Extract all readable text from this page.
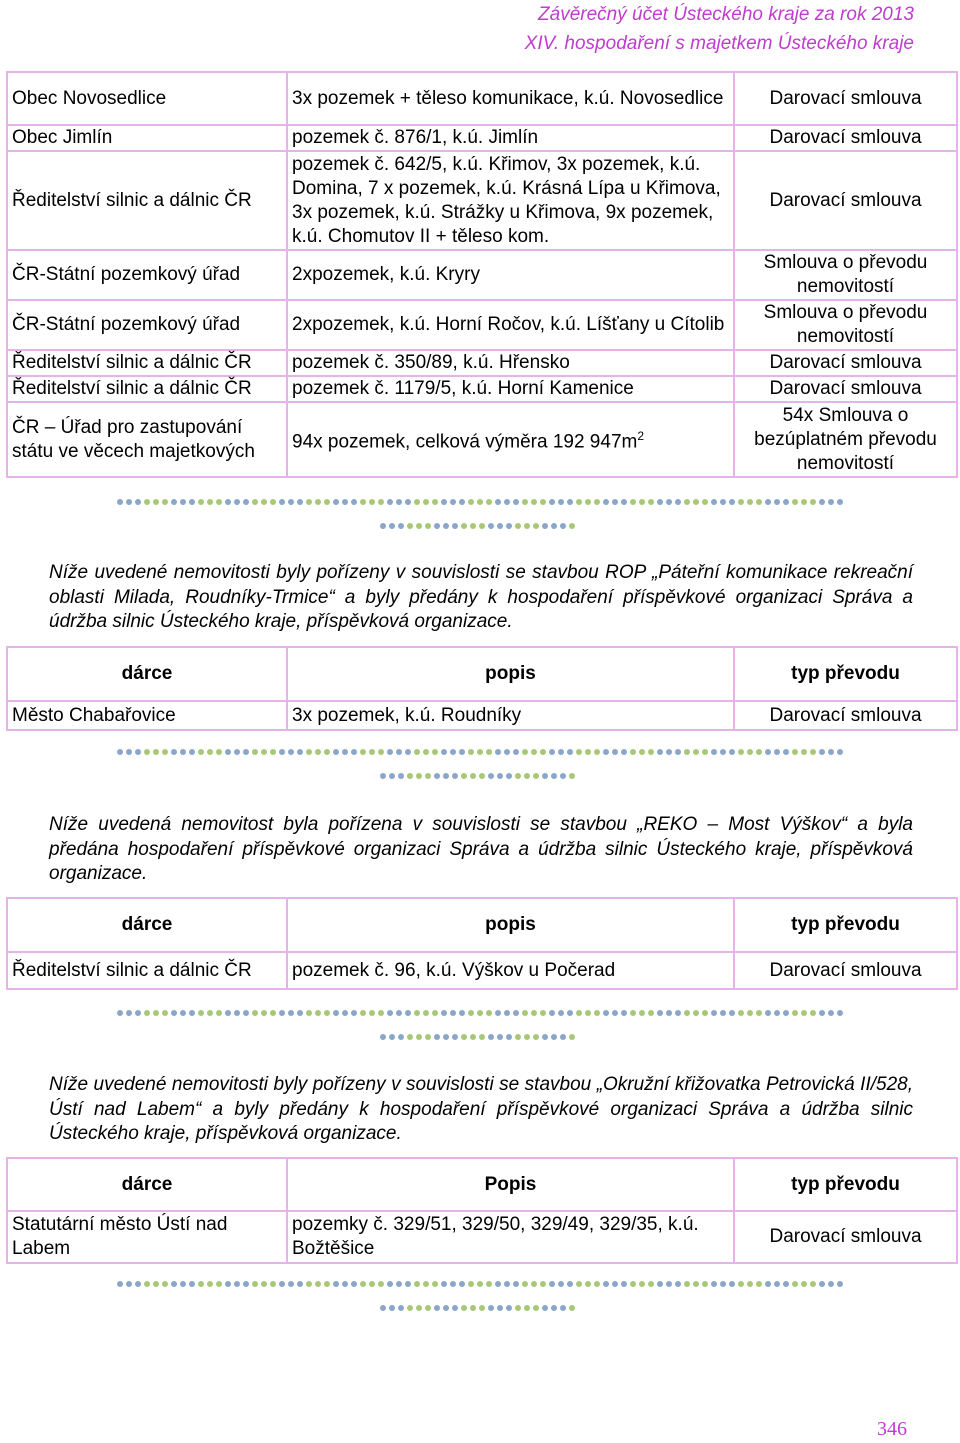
Závěrečný účet Ústeckého kraje za rok 2013
XIV. hospodaření s majetkem Ústeckého kraje
Obec Novosedlice	3x pozemek + těleso komunikace, k.ú. Novosedlice	Darovací smlouva
Obec Jimlín	pozemek č. 876/1, k.ú. Jimlín	Darovací smlouva
Ředitelství silnic a dálnic ČR	pozemek č. 642/5, k.ú. Křimov, 3x pozemek, k.ú. Domina, 7 x pozemek, k.ú. Krásná Lípa u Křimova, 3x pozemek, k.ú. Strážky u Křimova, 9x pozemek, k.ú. Chomutov II + těleso kom.	Darovací smlouva
ČR-Státní pozemkový úřad	2xpozemek, k.ú. Kryry	Smlouva o převodu nemovitostí
ČR-Státní pozemkový úřad	2xpozemek, k.ú. Horní Ročov, k.ú. Líšťany u Cítolib	Smlouva o převodu nemovitostí
Ředitelství silnic a dálnic ČR	pozemek č. 350/89, k.ú. Hřensko	Darovací smlouva
Ředitelství silnic a dálnic ČR	pozemek č. 1179/5, k.ú. Horní Kamenice	Darovací smlouva
ČR – Úřad pro zastupování státu ve věcech majetkových	94x pozemek, celková výměra 192 $947m^2$	54x Smlouva o bezúplatném převodu nemovitostí

Níže uvedené nemovitosti byly pořízeny v souvislosti se stavbou ROP „Páteřní komunikace rekreační oblasti Milada, Roudníky-Trmice“ a byly předány k hospodaření příspěvkové organizaci Správa a údržba silnic Ústeckého kraje, příspěvková organizace.

dárce	popis	typ převodu
Město Chabařovice	3x pozemek, k.ú. Roudníky	Darovací smlouva

Níže uvedená nemovitost byla pořízena v souvislosti se stavbou „REKO – Most Výškov“ a byla předána hospodaření příspěvkové organizaci Správa a údržba silnic Ústeckého kraje, příspěvková organizace.

dárce	popis	typ převodu
Ředitelství silnic a dálnic ČR	pozemek č. 96, k.ú. Výškov u Počerad	Darovací smlouva

Níže uvedené nemovitosti byly pořízeny v souvislosti se stavbou „Okružní křižovatka Petrovická II/528, Ústí nad Labem“ a byly předány k hospodaření příspěvkové organizaci Správa a údržba silnic Ústeckého kraje, příspěvková organizace.

dárce	Popis	typ převodu
Statutární město Ústí nad Labem	pozemky č. 329/51, 329/50, 329/49, 329/35, k.ú. Božtěšice	Darovací smlouva
346
